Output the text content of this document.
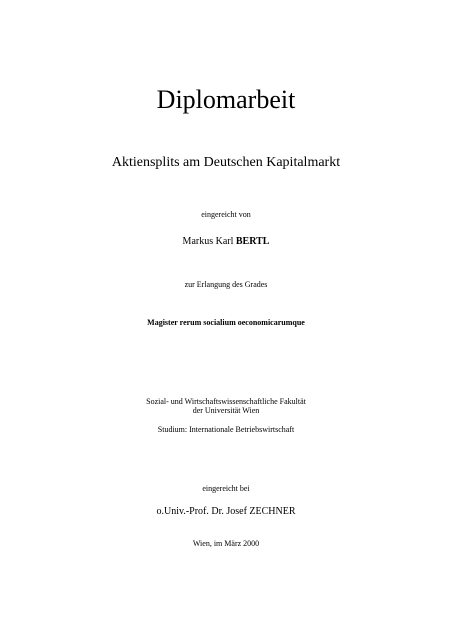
Diplomarbeit
Aktiensplits am Deutschen Kapitalmarkt
eingereicht von
Markus Karl BERTL
zur Erlangung des Grades
Magister rerum socialium oeconomicarumque
Sozial- und Wirtschaftswissenschaftliche Fakultät
der Universität Wien
Studium: Internationale Betriebswirtschaft
eingereicht bei
o.Univ.-Prof. Dr. Josef ZECHNER
Wien, im März 2000
